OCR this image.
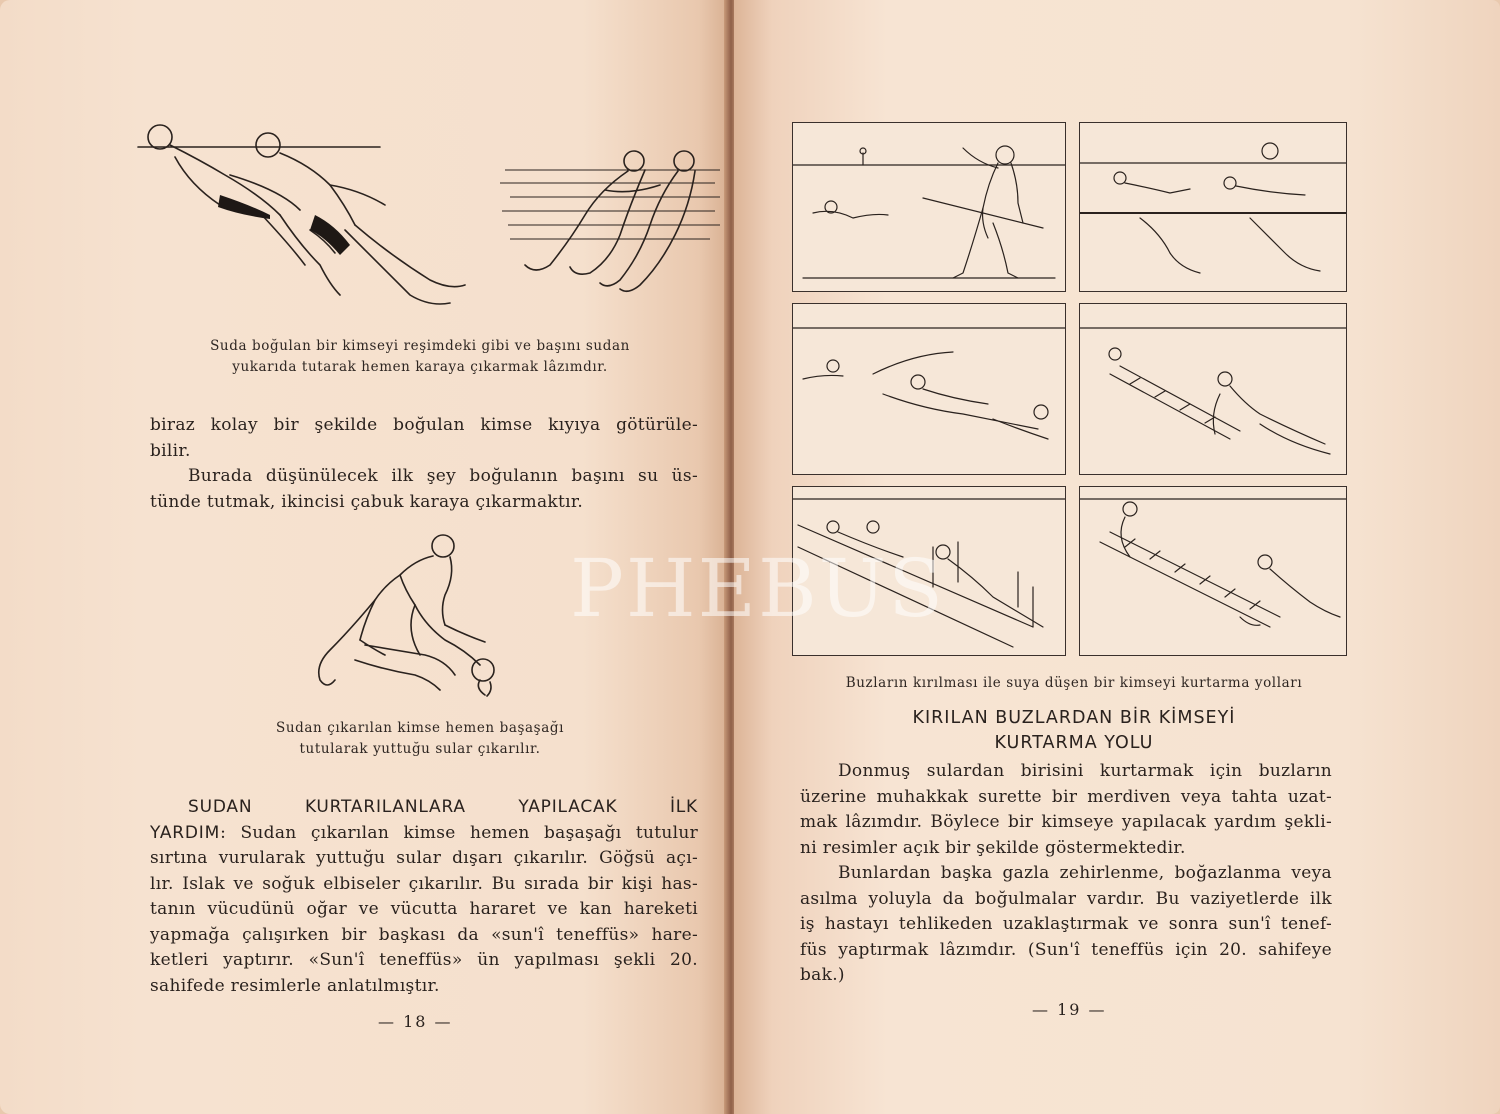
Suda boğulan bir kimseyi reşimdeki gibi ve başını sudan
yukarıda tutarak hemen karaya çıkarmak lâzımdır.

biraz kolay bir şekilde boğulan kimse kıyıya götürüle-

bilir.

Burada düşünülecek ilk şey boğulanın başını su üs-

tünde tutmak, ikincisi çabuk karaya çıkarmaktır.

Sudan çıkarılan kimse hemen başaşağı
tutularak yuttuğu sular çıkarılır.

SUDAN KURTARILANLARA YAPILACAK İLK

YARDIM: Sudan çıkarılan kimse hemen başaşağı tutulur

sırtına vurularak yuttuğu sular dışarı çıkarılır. Göğsü açı-

lır. Islak ve soğuk elbiseler çıkarılır. Bu sırada bir kişi has-

tanın vücudünü oğar ve vücutta hararet ve kan hareketi

yapmağa çalışırken bir başkası da «sun'î teneffüs» hare-

ketleri yaptırır. «Sun'î teneffüs» ün yapılması şekli 20.

sahifede resimlerle anlatılmıştır.

— 18 —
Buzların kırılması ile suya düşen bir kimseyi kurtarma yolları
KIRILAN BUZLARDAN BİR KİMSEYİ
KURTARMA YOLU

Donmuş sulardan birisini kurtarmak için buzların

üzerine muhakkak surette bir merdiven veya tahta uzat-

mak lâzımdır. Böylece bir kimseye yapılacak yardım şekli-

ni resimler açık bir şekilde göstermektedir.

Bunlardan başka gazla zehirlenme, boğazlanma veya

asılma yoluyla da boğulmalar vardır. Bu vaziyetlerde ilk

iş hastayı tehlikeden uzaklaştırmak ve sonra sun'î tenef-

füs yaptırmak lâzımdır. (Sun'î teneffüs için 20. sahifeye

bak.)

— 19 —
PHEBUS
